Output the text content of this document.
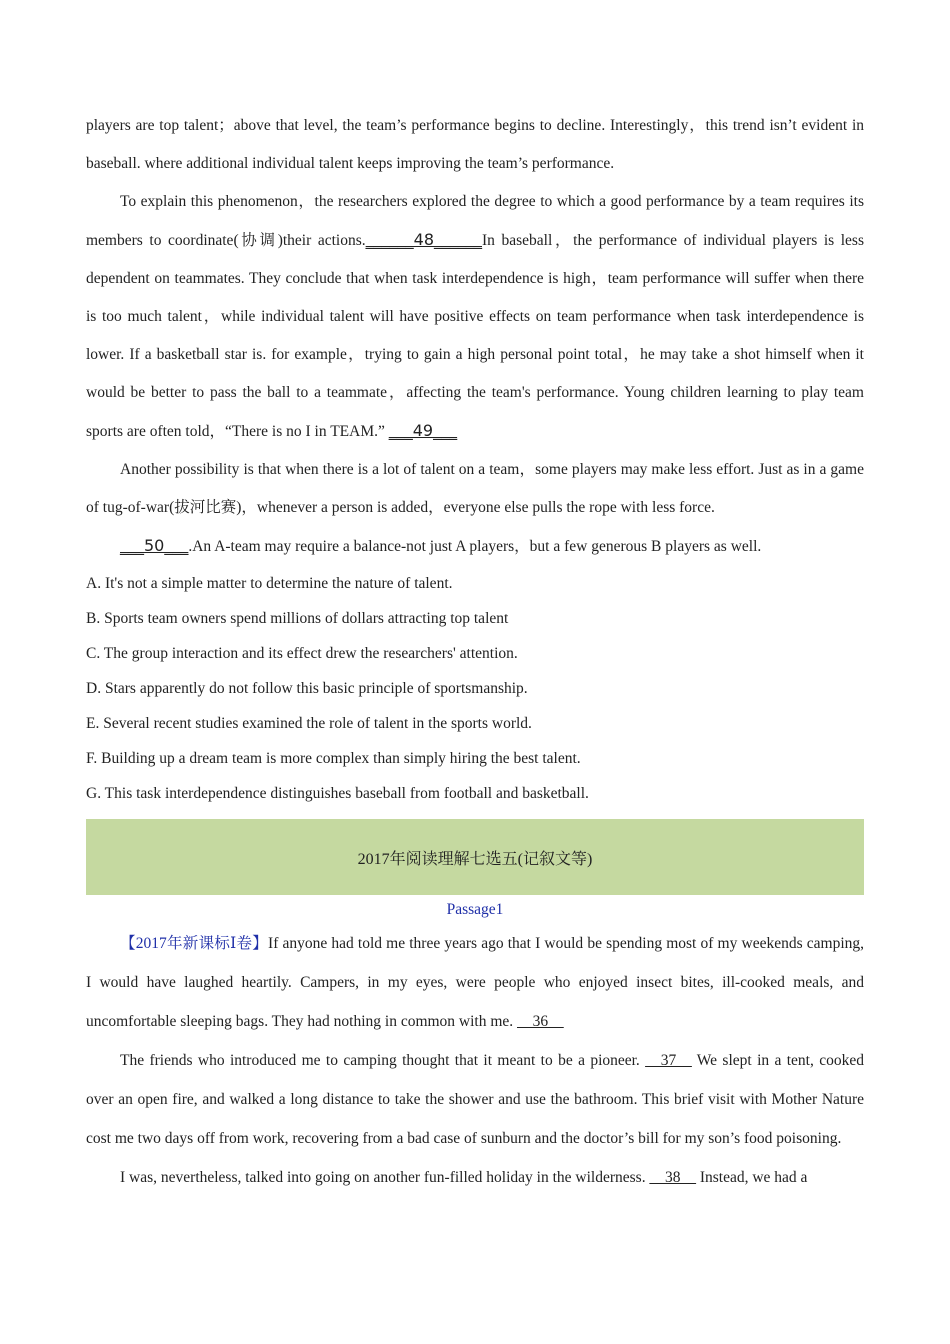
players are top talent；above that level, the team’s performance begins to decline. Interestingly，this trend isn’t evident in baseball. where additional individual talent keeps improving the team’s performance.

To explain this phenomenon，the researchers explored the degree to which a good performance by a team requires its members to coordinate(协调)their actions.______48______In baseball，the performance of individual players is less dependent on teammates. They conclude that when task interdependence is high，team performance will suffer when there is too much talent，while individual talent will have positive effects on team performance when task interdependence is lower. If a basketball star is. for example，trying to gain a high personal point total，he may take a shot himself when it would be better to pass the ball to a teammate，affecting the team's performance. Young children learning to play team sports are often told，“There is no I in TEAM.” ___49___

Another possibility is that when there is a lot of talent on a team，some players may make less effort. Just as in a game of tug-of-war(拔河比赛)，whenever a person is added，everyone else pulls the rope with less force.

___50___.An A-team may require a balance-not just A players，but a few generous B players as well.

A. It's not a simple matter to determine the nature of talent.

B. Sports team owners spend millions of dollars attracting top talent

C. The group interaction and its effect drew the researchers' attention.

D. Stars apparently do not follow this basic principle of sportsmanship.

E. Several recent studies examined the role of talent in the sports world.

F. Building up a dream team is more complex than simply hiring the best talent.

G. This task interdependence distinguishes baseball from football and basketball.

2017年阅读理解七选五(记叙文等)

Passage1

【2017年新课标Ⅰ卷】If anyone had told me three years ago that I would be spending most of my weekends camping, I would have laughed heartily. Campers, in my eyes, were people who enjoyed insect bites, ill-cooked meals, and uncomfortable sleeping bags. They had nothing in common with me. __36__

The friends who introduced me to camping thought that it meant to be a pioneer. __37__ We slept in a tent, cooked over an open fire, and walked a long distance to take the shower and use the bathroom. This brief visit with Mother Nature cost me two days off from work, recovering from a bad case of sunburn and the doctor’s bill for my son’s food poisoning.

I was, nevertheless, talked into going on another fun-filled holiday in the wilderness. __38__ Instead, we had a
